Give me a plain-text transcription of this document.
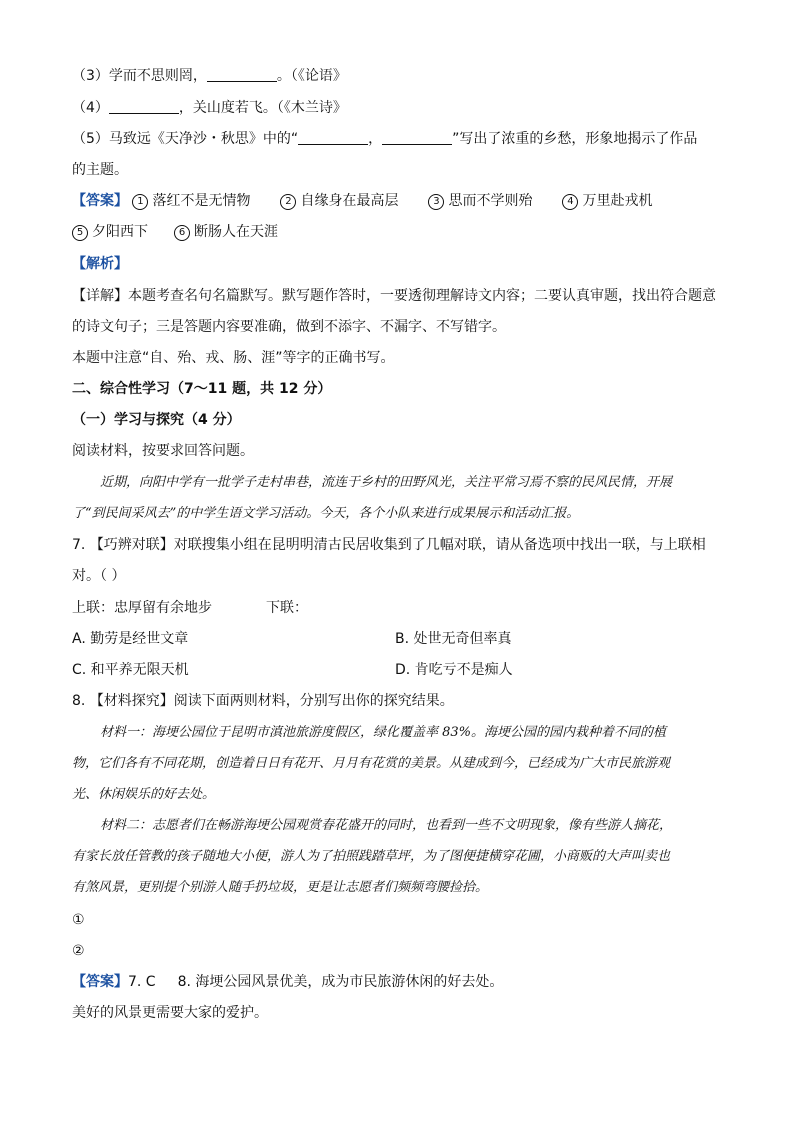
（3）学而不思则罔，	。（《论语》
（4）	，关山度若飞。（《木兰诗》
（5）马致远《天净沙・秋思》中的“	，	”写出了浓重的乡愁，形象地揭示了作品
的主题。
【答案】 1 落红不是无情物	2 自缘身在最高层	3 思而不学则殆	4 万里赴戎机
5 夕阳西下	6 断肠人在天涯
【解析】
【详解】本题考查名句名篇默写。默写题作答时，一要透彻理解诗文内容；二要认真审题，找出符合题意
的诗文句子；三是答题内容要准确，做到不添字、不漏字、不写错字。
本题中注意“自、殆、戎、肠、涯”等字的正确书写。
二、综合性学习（7～11 题，共 12 分）
（一）学习与探究（4 分）
阅读材料，按要求回答问题。
近期，向阳中学有一批学子走村串巷，流连于乡村的田野风光，关注平常习焉不察的民风民情，开展
了“到民间采风去”的中学生语文学习活动。今天，各个小队来进行成果展示和活动汇报。
7. 【巧辨对联】对联搜集小组在昆明明清古民居收集到了几幅对联，请从备选项中找出一联，与上联相
对。（ ）
上联：忠厚留有余地步	下联：
A. 勤劳是经世文章	B. 处世无奇但率真
C. 和平养无限天机	D. 肯吃亏不是痴人
8. 【材料探究】阅读下面两则材料，分别写出你的探究结果。
材料一：海埂公园位于昆明市滇池旅游度假区，绿化覆盖率 83%。海埂公园的园内栽种着不同的植
物，它们各有不同花期，创造着日日有花开、月月有花赏的美景。从建成到今，已经成为广大市民旅游观
光、休闲娱乐的好去处。
材料二：志愿者们在畅游海埂公园观赏春花盛开的同时，也看到一些不文明现象，像有些游人摘花，
有家长放任管教的孩子随地大小便，游人为了拍照践踏草坪，为了图便捷横穿花圃，小商贩的大声叫卖也
有煞风景，更别提个别游人随手扔垃圾，更是让志愿者们频频弯腰捡拾。
①
②
【答案】7. C 8. 海埂公园风景优美，成为市民旅游休闲的好去处。
美好的风景更需要大家的爱护。
